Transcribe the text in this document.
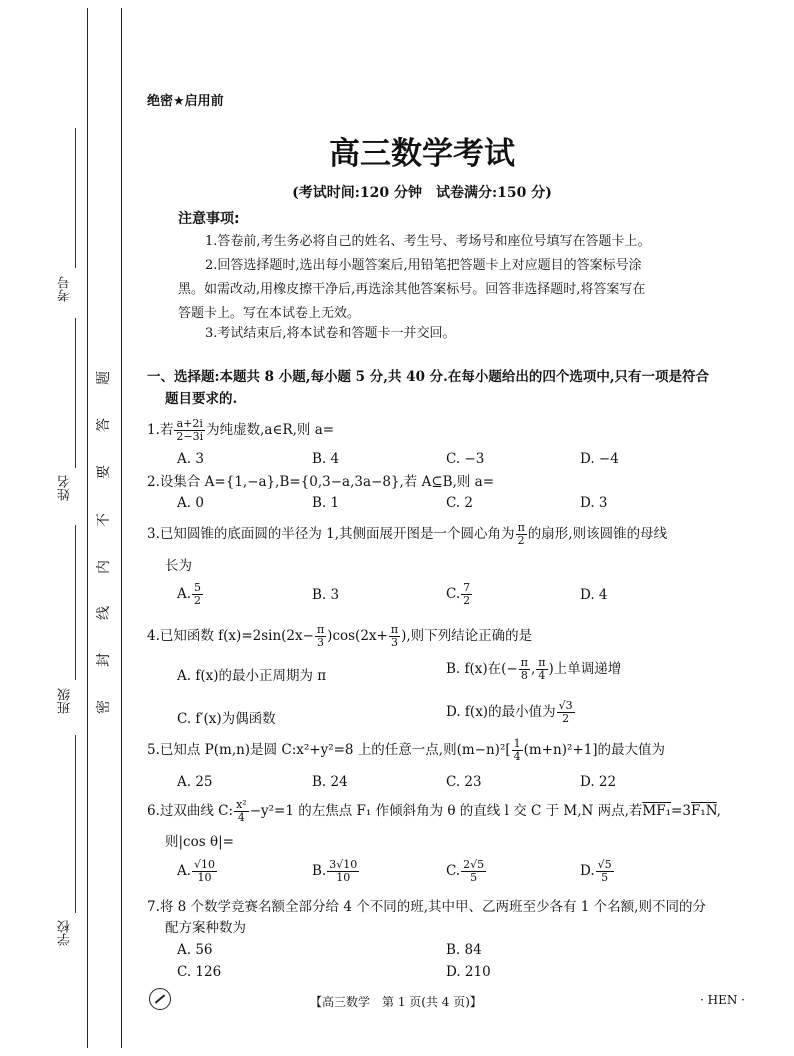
考号
姓名
班级
学校
题
答
要
不
内
线
封
密
绝密★启用前
高三数学考试
(考试时间:120 分钟　试卷满分:150 分)
注意事项:
1.答卷前,考生务必将自己的姓名、考生号、考场号和座位号填写在答题卡上。
2.回答选择题时,选出每小题答案后,用铅笔把答题卡上对应题目的答案标号涂
黑。如需改动,用橡皮擦干净后,再选涂其他答案标号。回答非选择题时,将答案写在
答题卡上。写在本试卷上无效。
3.考试结束后,将本试卷和答题卡一并交回。
一、选择题:本题共 8 小题,每小题 5 分,共 40 分.在每小题给出的四个选项中,只有一项是符合
题目要求的.
1.若 $\frac{a+2i}{2-3i}$ 为纯虚数,a∈R,则 a=
A. 3	B. 4	C. −3	D. −4
2.设集合 A={1,−a},B={0,3−a,3a−8},若 A⊆B,则 a=
A. 0	B. 1	C. 2	D. 3
3.已知圆锥的底面圆的半径为 1,其侧面展开图是一个圆心角为 $\frac{\pi}{2}$ 的扇形,则该圆锥的母线
长为
A. $\frac{5}{2}$	B. 3	C. $\frac{7}{2}$	D. 4
4.已知函数 $f(x)=2\sin(2x- \frac{\pi}{3} )\cos(2x+ \frac{\pi}{3}$ ),则下列结论正确的是
A. f(x)的最小正周期为 π	B. f(x)在(− $\frac{\pi}{8}$ , $\frac{\pi}{4}$ )上单调递增
C. f′(x)为偶函数	D. f(x)的最小值为 $\frac{√3}{2}$
5.已知点 P(m,n)是圆 C:x²+y²=8 上的任意一点,则$(m-n)^2[ \frac{1}{4} (m+n)^2+1]$的最大值为
A. 25	B. 24	C. 23	D. 22
6.过双曲线 C: $\frac{\text{x²}}{4} -y^2=1$ 的左焦点 F₁ 作倾斜角为 θ 的直线 l 交 C 于 M,N 两点,若MF₁=3F₁N,
则|cos θ|=
A. $\frac{√10}{10}$	B. $\frac{3√10}{10}$	C. $\frac{2√5}{5}$	D. $\frac{√5}{5}$
7.将 8 个数学竞赛名额全部分给 4 个不同的班,其中甲、乙两班至少各有 1 个名额,则不同的分
配方案种数为
A. 56	B. 84
C. 126	D. 210
【高三数学　第 1 页(共 4 页)】	· HEN ·
